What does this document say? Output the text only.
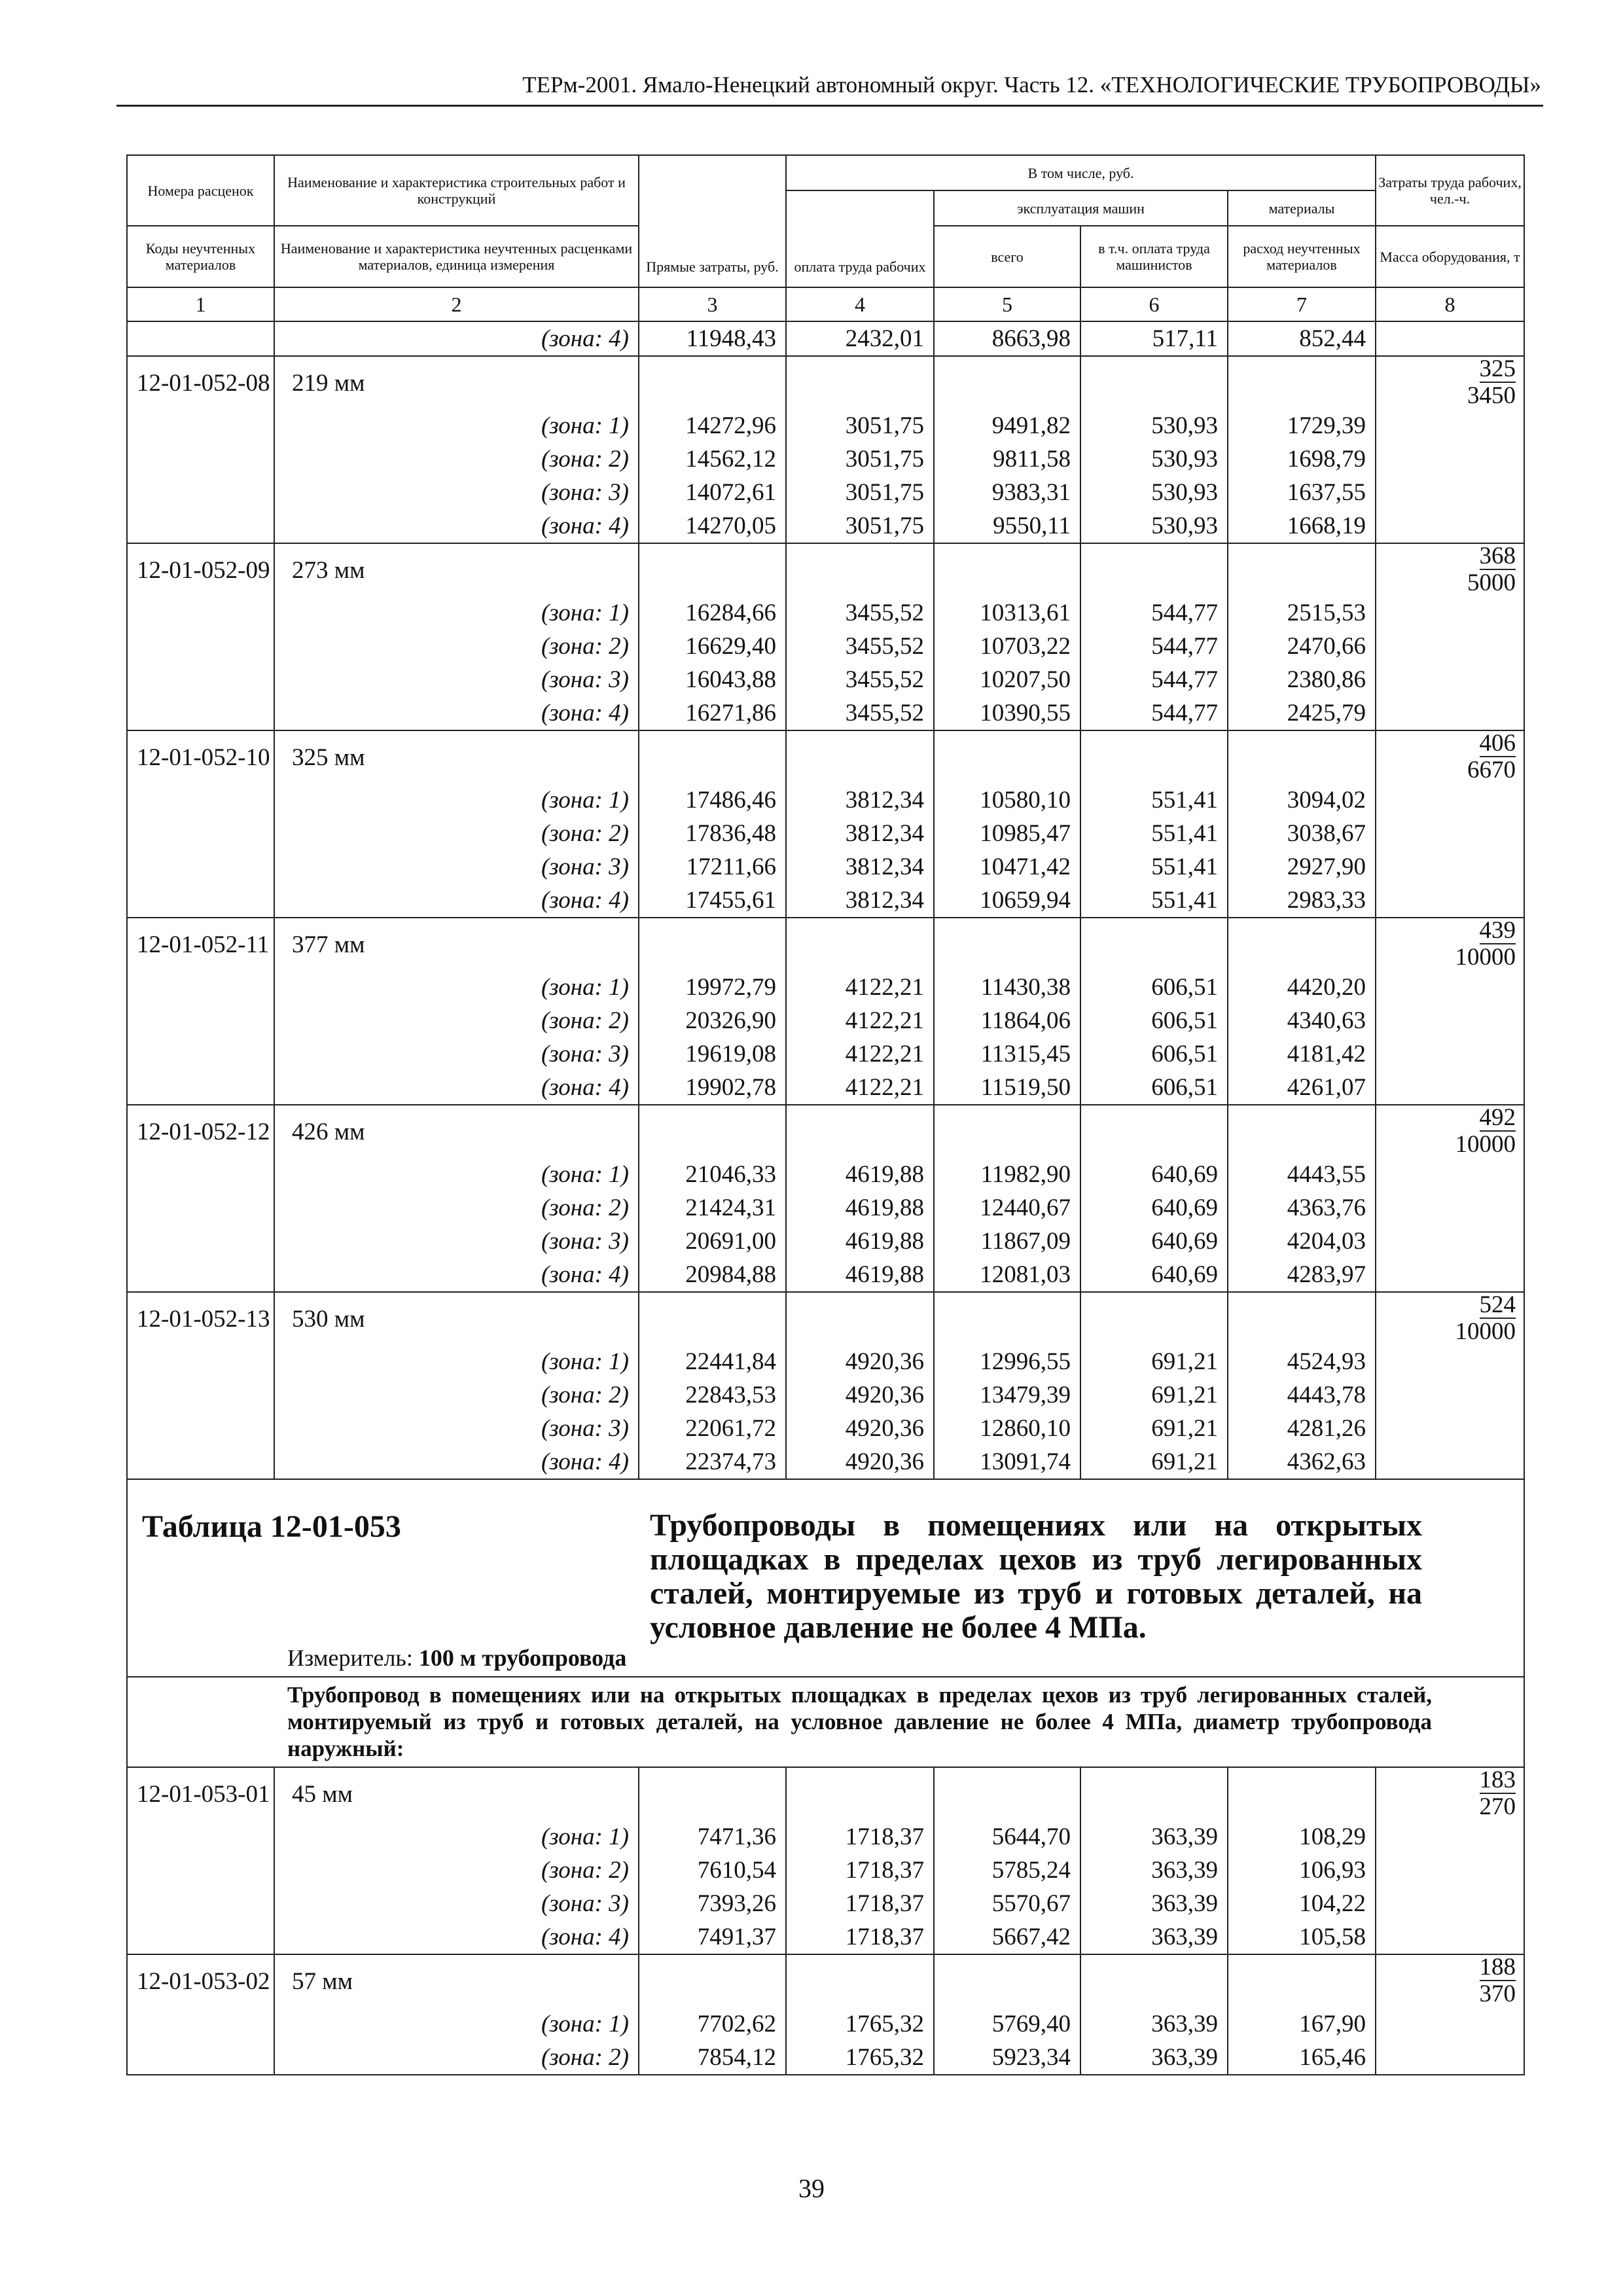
ТЕРм-2001. Ямало-Ненецкий автономный округ. Часть 12. «ТЕХНОЛОГИЧЕСКИЕ ТРУБОПРОВОДЫ»
Номера расценок	Наименование и характеристика строительных работ и конструкций	Прямые затраты, руб.	В том числе, руб.				Затраты труда рабочих, чел.-ч.
			оплата труда рабочих	эксплуатация машин		материалы	
Коды неучтенных материалов	Наименование и характеристика неучтенных расценками материалов, единица измерения			всего	в т.ч. оплата труда машинистов	расход неучтенных материалов	Масса оборудования, т
1	2	3	4	5	6	7	8

	(зона: 4)	11948,43	2432,01	8663,98	517,11	852,44	
12-01-052-08	219 мм						325
3450

	(зона: 1)	14272,96	3051,75	9491,82	530,93	1729,39	

	(зона: 2)	14562,12	3051,75	9811,58	530,93	1698,79	

	(зона: 3)	14072,61	3051,75	9383,31	530,93	1637,55	

	(зона: 4)	14270,05	3051,75	9550,11	530,93	1668,19	
12-01-052-09	273 мм						368
5000

	(зона: 1)	16284,66	3455,52	10313,61	544,77	2515,53	

	(зона: 2)	16629,40	3455,52	10703,22	544,77	2470,66	

	(зона: 3)	16043,88	3455,52	10207,50	544,77	2380,86	

	(зона: 4)	16271,86	3455,52	10390,55	544,77	2425,79	
12-01-052-10	325 мм						406
6670

	(зона: 1)	17486,46	3812,34	10580,10	551,41	3094,02	

	(зона: 2)	17836,48	3812,34	10985,47	551,41	3038,67	

	(зона: 3)	17211,66	3812,34	10471,42	551,41	2927,90	

	(зона: 4)	17455,61	3812,34	10659,94	551,41	2983,33	
12-01-052-11	377 мм						439
10000

	(зона: 1)	19972,79	4122,21	11430,38	606,51	4420,20	

	(зона: 2)	20326,90	4122,21	11864,06	606,51	4340,63	

	(зона: 3)	19619,08	4122,21	11315,45	606,51	4181,42	

	(зона: 4)	19902,78	4122,21	11519,50	606,51	4261,07	
12-01-052-12	426 мм						492
10000

	(зона: 1)	21046,33	4619,88	11982,90	640,69	4443,55	

	(зона: 2)	21424,31	4619,88	12440,67	640,69	4363,76	

	(зона: 3)	20691,00	4619,88	11867,09	640,69	4204,03	

	(зона: 4)	20984,88	4619,88	12081,03	640,69	4283,97	
12-01-052-13	530 мм						524
10000

	(зона: 1)	22441,84	4920,36	12996,55	691,21	4524,93	

	(зона: 2)	22843,53	4920,36	13479,39	691,21	4443,78	

	(зона: 3)	22061,72	4920,36	12860,10	691,21	4281,26	

	(зона: 4)	22374,73	4920,36	13091,74	691,21	4362,63	

Таблица 12-01-053 Трубопроводы в помещениях или на открытых площадках в пределах цехов из труб легированных сталей, монтируемые из труб и готовых деталей, на условное давление не более 4 МПа.
Измеритель: 100 м трубопровода							

Трубопровод в помещениях или на открытых площадках в пределах цехов из труб легированных сталей, монтируемый из труб и готовых деталей, на условное давление не более 4 МПа, диаметр трубопровода наружный:							

12-01-053-01	45 мм						183
270

	(зона: 1)	7471,36	1718,37	5644,70	363,39	108,29	

	(зона: 2)	7610,54	1718,37	5785,24	363,39	106,93	

	(зона: 3)	7393,26	1718,37	5570,67	363,39	104,22	

	(зона: 4)	7491,37	1718,37	5667,42	363,39	105,58	
12-01-053-02	57 мм						188
370

	(зона: 1)	7702,62	1765,32	5769,40	363,39	167,90	

	(зона: 2)	7854,12	1765,32	5923,34	363,39	165,46	
39
